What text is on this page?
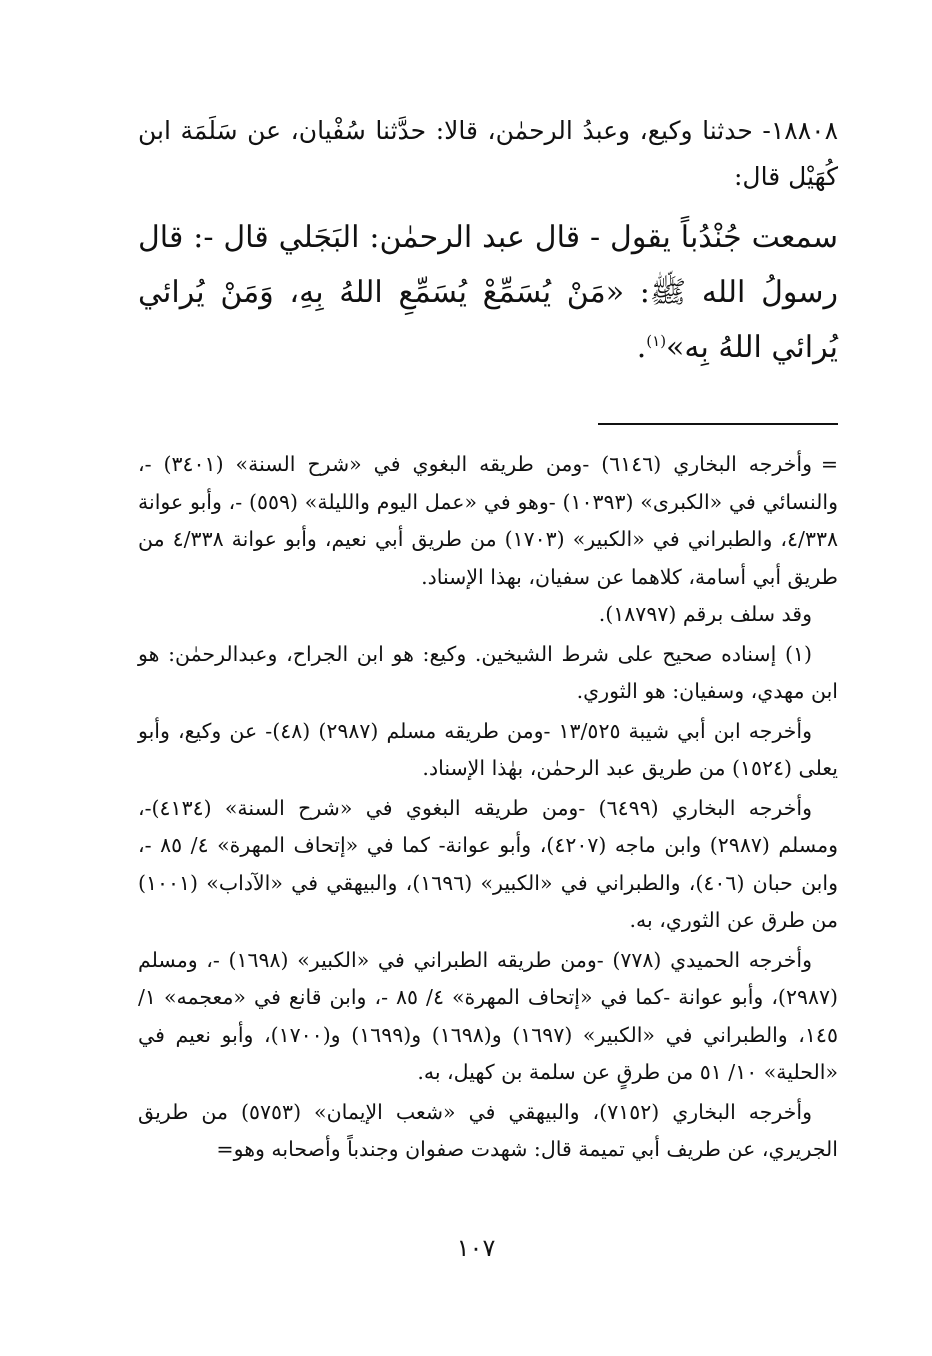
١٨٨٠٨- حدثنا وكيع، وعبدُ الرحمٰن، قالا: حدَّثنا سُفْيان، عن سَلَمَة ابن كُهَيْل قال:

سمعت جُنْدُباً يقول - قال عبد الرحمٰن: البَجَلي قال -: قال رسولُ الله ﷺ: «مَنْ يُسَمِّعْ يُسَمِّعِ اللهُ بِهِ، وَمَنْ يُرائي يُرائي اللهُ بِه»$^{(١)}$.

=وأخرجه البخاري (٦١٤٦) -ومن طريقه البغوي في «شرح السنة» (٣٤٠١) -، والنسائي في «الكبرى» (١٠٣٩٣) -وهو في «عمل اليوم والليلة» (٥٥٩) -، وأبو عوانة ٤/٣٣٨، والطبراني في «الكبير» (١٧٠٣) من طريق أبي نعيم، وأبو عوانة ٤/٣٣٨ من طريق أبي أسامة، كلاهما عن سفيان، بهذا الإسناد.

وقد سلف برقم (١٨٧٩٧).

(١) إسناده صحيح على شرط الشيخين. وكيع: هو ابن الجراح، وعبدالرحمٰن: هو ابن مهدي، وسفيان: هو الثوري.

وأخرجه ابن أبي شيبة ١٣/٥٢٥ -ومن طريقه مسلم (٢٩٨٧) (٤٨)- عن وكيع، وأبو يعلى (١٥٢٤) من طريق عبد الرحمٰن، بهٰذا الإسناد.

وأخرجه البخاري (٦٤٩٩) -ومن طريقه البغوي في «شرح السنة» (٤١٣٤)-، ومسلم (٢٩٨٧) وابن ماجه (٤٢٠٧)، وأبو عوانة- كما في «إتحاف المهرة» ٤/ ٨٥ -، وابن حبان (٤٠٦)، والطبراني في «الكبير» (١٦٩٦)، والبيهقي في «الآداب» (١٠٠١) من طرق عن الثوري، به.

وأخرجه الحميدي (٧٧٨) -ومن طريقه الطبراني في «الكبير» (١٦٩٨) -، ومسلم (٢٩٨٧)، وأبو عوانة -كما في «إتحاف المهرة» ٤/ ٨٥ -، وابن قانع في «معجمه» ١/ ١٤٥، والطبراني في «الكبير» (١٦٩٧) و(١٦٩٨) و(١٦٩٩) و(١٧٠٠)، وأبو نعيم في «الحلية» ١٠/ ٥١ من طرقٍ عن سلمة بن كهيل، به.

وأخرجه البخاري (٧١٥٢)، والبيهقي في «شعب الإيمان» (٥٧٥٣) من طريق الجريري، عن طريف أبي تميمة قال: شهدت صفوان وجندباً وأصحابه وهو=

١٠٧
